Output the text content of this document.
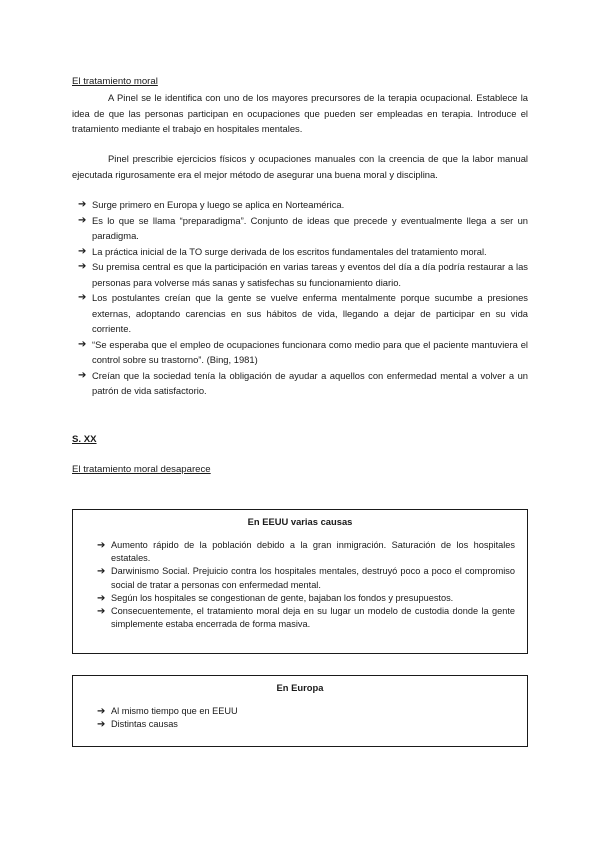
El tratamiento moral

A Pinel se le identifica con uno de los mayores precursores de la terapia ocupacional. Establece la idea de que las personas participan en ocupaciones que pueden ser empleadas en terapia. Introduce el tratamiento mediante el trabajo en hospitales mentales.

Pinel prescribie ejercicios físicos y ocupaciones manuales con la creencia de que la labor manual ejecutada rigurosamente era el mejor método de asegurar una buena moral y disciplina.

➔ Surge primero en Europa y luego se aplica en Norteamérica.
➔ Es lo que se llama “preparadigma”. Conjunto de ideas que precede y eventualmente llega a ser un paradigma.
➔ La práctica inicial de la TO surge derivada de los escritos fundamentales del tratamiento moral.
➔ Su premisa central es que la participación en varias tareas y eventos del día a día podría restaurar a las personas para volverse más sanas y satisfechas su funcionamiento diario.
➔ Los postulantes creían que la gente se vuelve enferma mentalmente porque sucumbe a presiones externas, adoptando carencias en sus hábitos de vida, llegando a dejar de participar en su vida corriente.
➔ “Se esperaba que el empleo de ocupaciones funcionara como medio para que el paciente mantuviera el control sobre su trastorno”. (Bing, 1981)
➔ Creían que la sociedad tenía la obligación de ayudar a aquellos con enfermedad mental a volver a un patrón de vida satisfactorio.
S. XX
El tratamiento moral desaparece
En EEUU varias causas
➔ Aumento rápido de la población debido a la gran inmigración. Saturación de los hospitales estatales.
➔ Darwinismo Social. Prejuicio contra los hospitales mentales, destruyó poco a poco el compromiso social de tratar a personas con enfermedad mental.
➔ Según los hospitales se congestionan de gente, bajaban los fondos y presupuestos.
➔ Consecuentemente, el tratamiento moral deja en su lugar un modelo de custodia donde la gente simplemente estaba encerrada de forma masiva.
En Europa
➔ Al mismo tiempo que en EEUU
➔ Distintas causas
